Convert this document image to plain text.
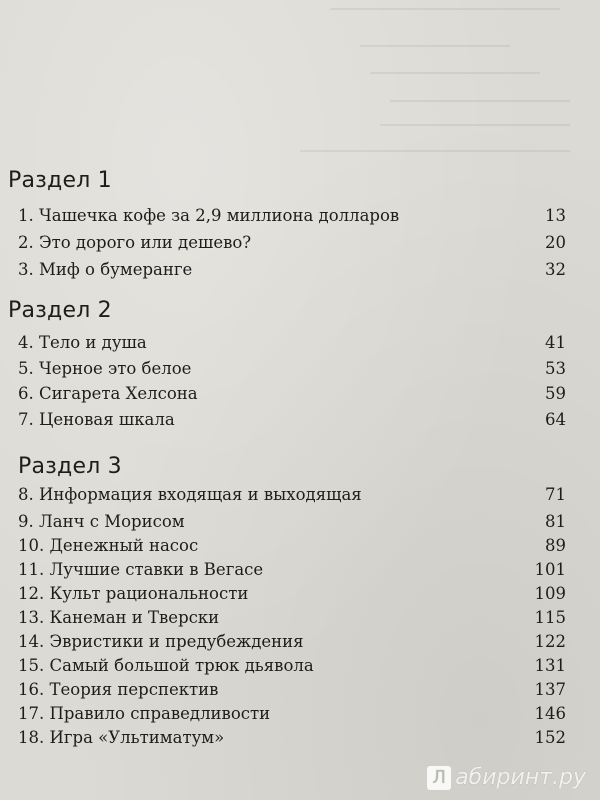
Раздел 1
1. Чашечка кофе за 2,9 миллиона долларов	13
2. Это дорого или дешево?	20
3. Миф о бумеранге	32
Раздел 2
4. Тело и душа	41
5. Черное это белое	53
6. Сигарета Хелсона	59
7. Ценовая шкала	64
Раздел 3
8. Информация входящая и выходящая	71
9. Ланч с Морисом	81
10. Денежный насос	89
11. Лучшие ставки в Вегасе	101
12. Культ рациональности	109
13. Канеман и Тверски	115
14. Эвристики и предубеждения	122
15. Самый большой трюк дьявола	131
16. Теория перспектив	137
17. Правило справедливости	146
18. Игра «Ультиматум»	152
Л абиринт.ру
